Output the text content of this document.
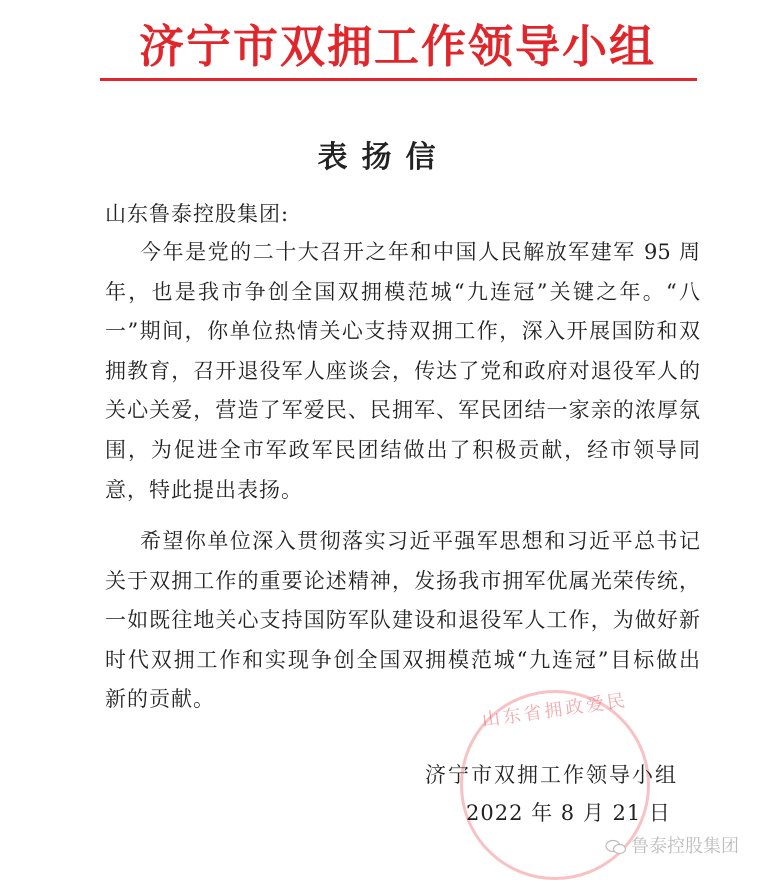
济宁市双拥工作领导小组
表扬信
山东鲁泰控股集团:
今年是党的二十大召开之年和中国人民解放军建军 95 周
年，也是我市争创全国双拥模范城“九连冠”关键之年。“八
一”期间，你单位热情关心支持双拥工作，深入开展国防和双
拥教育，召开退役军人座谈会，传达了党和政府对退役军人的
关心关爱，营造了军爱民、民拥军、军民团结一家亲的浓厚氛
围，为促进全市军政军民团结做出了积极贡献，经市领导同
意，特此提出表扬。
希望你单位深入贯彻落实习近平强军思想和习近平总书记
关于双拥工作的重要论述精神，发扬我市拥军优属光荣传统，
一如既往地关心支持国防军队建设和退役军人工作，为做好新
时代双拥工作和实现争创全国双拥模范城“九连冠”目标做出
新的贡献。	山东省拥政爱民
济宁市双拥工作领导小组
2022 年 8 月 21 日
鲁泰控股集团
